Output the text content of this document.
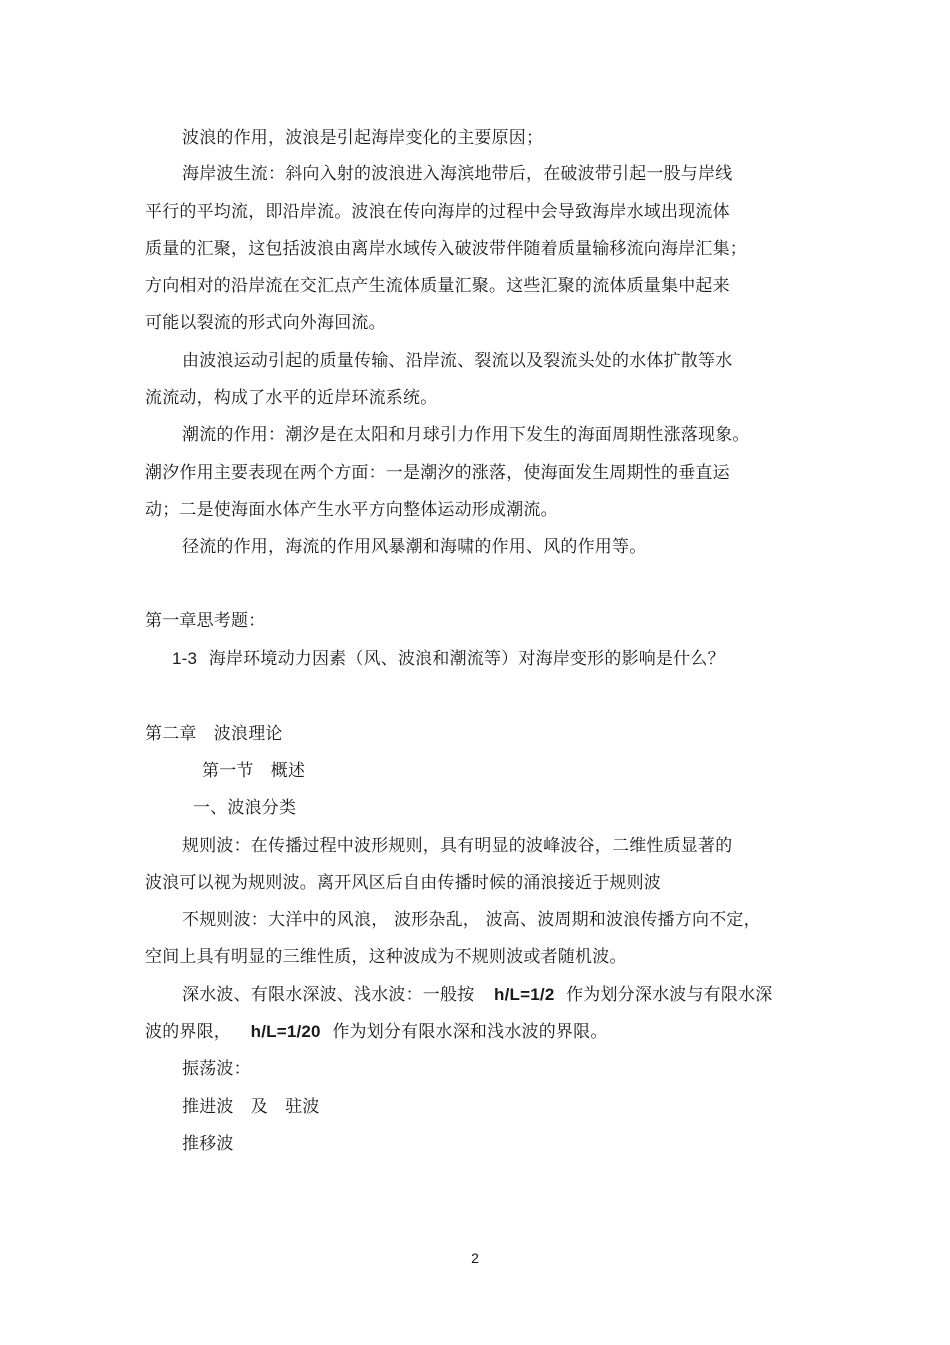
波浪的作用，波浪是引起海岸变化的主要原因；
海岸波生流：斜向入射的波浪进入海滨地带后，在破波带引起一股与岸线
平行的平均流，即沿岸流。波浪在传向海岸的过程中会导致海岸水域出现流体
质量的汇聚，这包括波浪由离岸水域传入破波带伴随着质量输移流向海岸汇集；
方向相对的沿岸流在交汇点产生流体质量汇聚。这些汇聚的流体质量集中起来
可能以裂流的形式向外海回流。
由波浪运动引起的质量传输、沿岸流、裂流以及裂流头处的水体扩散等水
流流动，构成了水平的近岸环流系统。
潮流的作用：潮汐是在太阳和月球引力作用下发生的海面周期性涨落现象。
潮汐作用主要表现在两个方面：一是潮汐的涨落，使海面发生周期性的垂直运
动；二是使海面水体产生水平方向整体运动形成潮流。
径流的作用，海流的作用风暴潮和海啸的作用、风的作用等。
第一章思考题：
1-3 海岸环境动力因素（风、波浪和潮流等）对海岸变形的影响是什么？
第二章　波浪理论
第一节　概述
一、波浪分类
规则波：在传播过程中波形规则，具有明显的波峰波谷，二维性质显著的
波浪可以视为规则波。离开风区后自由传播时候的涌浪接近于规则波
不规则波：大洋中的风浪， 波形杂乱， 波高、波周期和波浪传播方向不定，
空间上具有明显的三维性质，这种波成为不规则波或者随机波。
深水波、有限水深波、浅水波：一般按 h/L=1/2 作为划分深水波与有限水深
波的界限， h/L=1/20 作为划分有限水深和浅水波的界限。
振荡波：
推进波　及　驻波
推移波
2
